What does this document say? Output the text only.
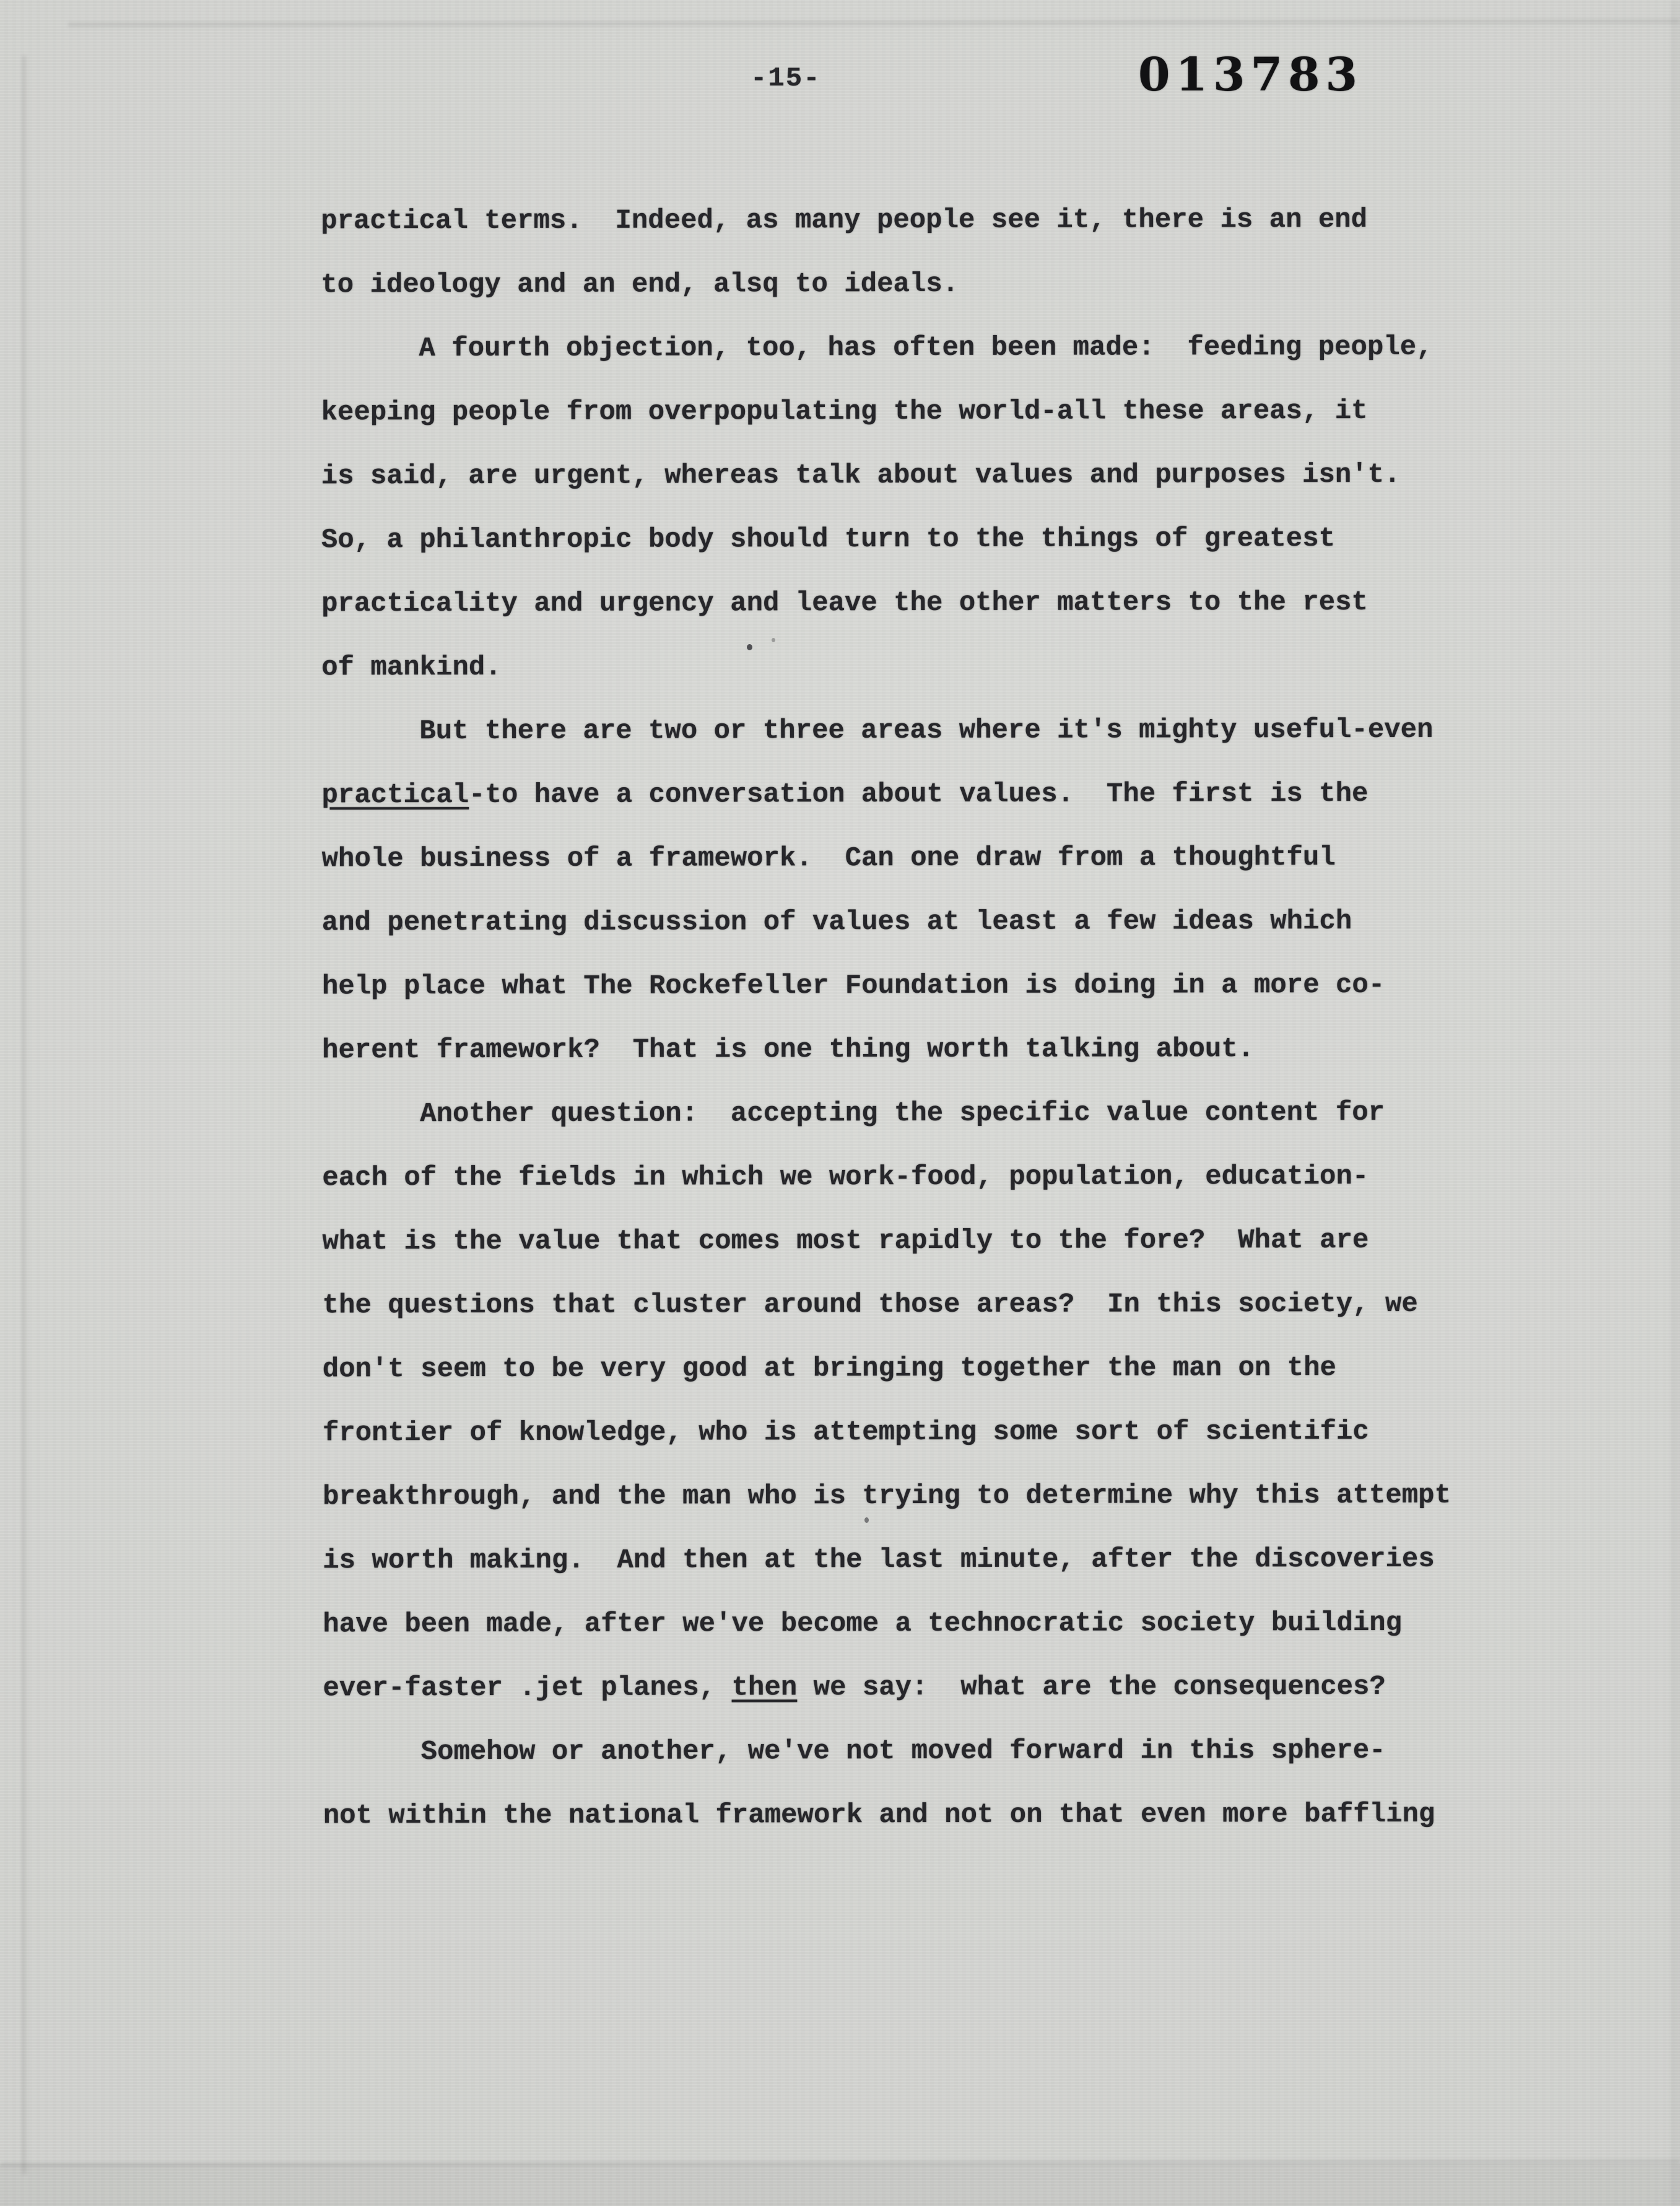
-15-	013783
practical terms.  Indeed, as many people see it, there is an end
to ideology and an end, alsq to ideals.
A fourth objection, too, has often been made:  feeding people,
keeping people from overpopulating the world-all these areas, it
is said, are urgent, whereas talk about values and purposes isn't.
So, a philanthropic body should turn to the things of greatest
practicality and urgency and leave the other matters to the rest
of mankind.
But there are two or three areas where it's mighty useful-even
practical-to have a conversation about values.  The first is the
whole business of a framework.  Can one draw from a thoughtful
and penetrating discussion of values at least a few ideas which
help place what The Rockefeller Foundation is doing in a more co-
herent framework?  That is one thing worth talking about.
Another question:  accepting the specific value content for
each of the fields in which we work-food, population, education-
what is the value that comes most rapidly to the fore?  What are
the questions that cluster around those areas?  In this society, we
don't seem to be very good at bringing together the man on the
frontier of knowledge, who is attempting some sort of scientific
breakthrough, and the man who is trying to determine why this attempt
is worth making.  And then at the last minute, after the discoveries
have been made, after we've become a technocratic society building
ever-faster .jet planes, then we say:  what are the consequences?
Somehow or another, we've not moved forward in this sphere-
not within the national framework and not on that even more baffling
